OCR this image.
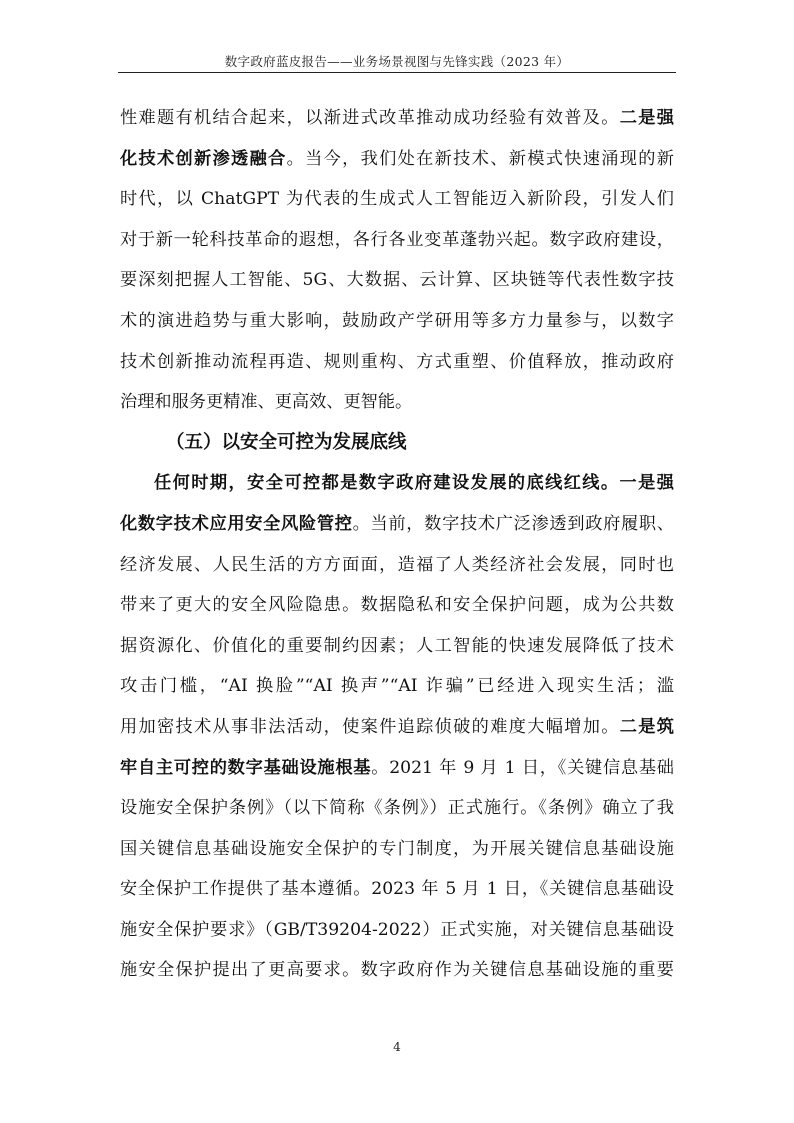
数字政府蓝皮报告——业务场景视图与先锋实践（2023 年）
性难题有机结合起来，以渐进式改革推动成功经验有效普及。二是强
化技术创新渗透融合。当今，我们处在新技术、新模式快速涌现的新
时代，以 ChatGPT 为代表的生成式人工智能迈入新阶段，引发人们
对于新一轮科技革命的遐想，各行各业变革蓬勃兴起。数字政府建设，
要深刻把握人工智能、5G、大数据、云计算、区块链等代表性数字技
术的演进趋势与重大影响，鼓励政产学研用等多方力量参与，以数字
技术创新推动流程再造、规则重构、方式重塑、价值释放，推动政府
治理和服务更精准、更高效、更智能。
（五）以安全可控为发展底线
任何时期，安全可控都是数字政府建设发展的底线红线。一是强
化数字技术应用安全风险管控。当前，数字技术广泛渗透到政府履职、
经济发展、人民生活的方方面面，造福了人类经济社会发展，同时也
带来了更大的安全风险隐患。数据隐私和安全保护问题，成为公共数
据资源化、价值化的重要制约因素；人工智能的快速发展降低了技术
攻击门槛，“AI 换脸”“AI 换声”“AI 诈骗”已经进入现实生活；滥
用加密技术从事非法活动，使案件追踪侦破的难度大幅增加。二是筑
牢自主可控的数字基础设施根基。2021 年 9 月 1 日，《关键信息基础
设施安全保护条例》（以下简称《条例》）正式施行。《条例》确立了我
国关键信息基础设施安全保护的专门制度，为开展关键信息基础设施
安全保护工作提供了基本遵循。2023 年 5 月 1 日，《关键信息基础设
施安全保护要求》（GB/T39204-2022）正式实施，对关键信息基础设
施安全保护提出了更高要求。数字政府作为关键信息基础设施的重要
4
